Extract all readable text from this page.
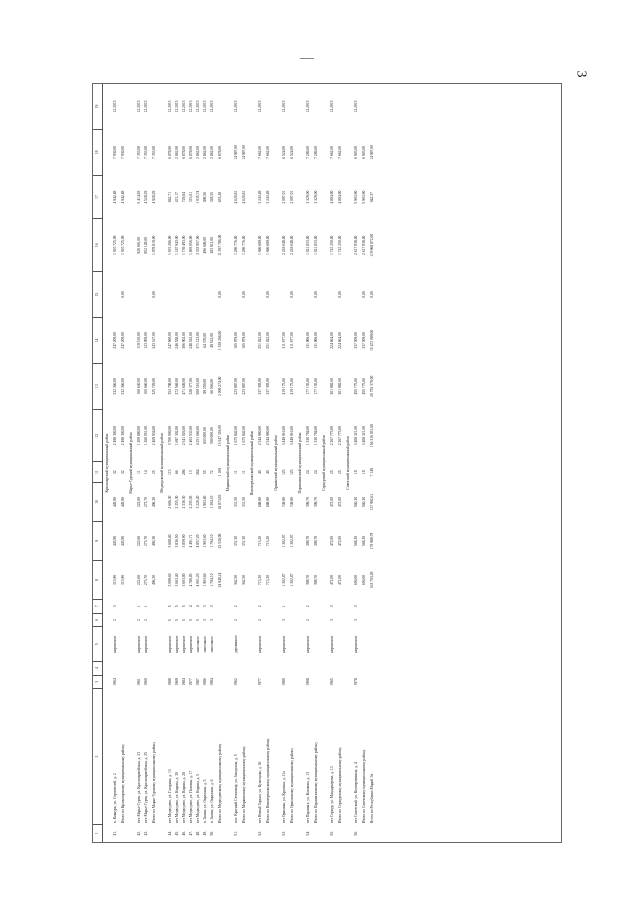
3
1	2	3	4	5	6	7	8	9	10	11	12	13	14	15	16	17	18	19
Красноярский муниципальный район																		
41.	п. Ковкурь, ул. Строителей, д. 2	1964		кирпичное	2	3	315,90	445,90	445,90	32	2 498 300,00	332 366,00	247 209,00		1 910 725,09	4 942,48	7 930,00	12.2015
	Итого по Красноярскому муниципальному району						315,90	445,90	445,90	32	2 498 300,00	332 366,00	247 209,00	0,00	1 910 725,09	4 942,48	7 930,00	
Марье-Турский муниципальный район																		
42.	пгт. Марье-Турек, ул. Красноармейская, д. 23	1961		кирпичное	2	1	222,60	222,60	222,60	11	1 209 880,00	160 630,00	119 510,00		926 691,00	5 414,83	7 353,00	12.2015
43.	пгт. Марье-Турек, ул. Красноармейская, д. 25	1960		кирпичное	2	1	273,70	273,70	273,70	14	1 260 051,00	165 660,00	123 959,00		952 128,00	4 528,29	7 353,00	12.2015
	Итого по Марье-Турскому муниципальному району						496,30	496,30	496,30	25	2 469 934,00	325 729,00	243 167,00	0,00	1 878 819,00	4 928,29	7 353,00	
Медведевский муниципальный район																		
44.	пгт Медведево, ул. Гагарина, д. 13	1988		кирпичное	5	5	3 099,60	3 608,40	2 606,30	115	3 700 000,00	352 798,00	247 600,00		1 915 206,00	842,71	6 878,00	12.2015
45.	пгт Медведево, ул. Кирова, д. 30	1969		кирпичное	5	5	3 063,40	3 836,50	2 255,30	66	1 697 302,00	272 568,00	246 538,00		1 187 943,00	413,17	2 862,00	12.2015
46.	пгт Медведево, ул. Кирова, д. 28	1984		кирпичное	5	5	3 603,80	3 859,90	2 336,30	286	2 541 026,00	471 649,00	306 902,00		1 739 493,00	729,84	6 878,00	12.2015
47.	пгт Медведево, ул. Полевая, д. 17	1977		кирпичное	5	4	4 786,85	4 491,71	2 255,03	13	2 403 533,00	328 377,00	248 182,00		1 803 056,00	315,01	6 878,00	12.2015
48.	пгт Медведево, ул. Кирова, д. 5	1987		панельное	5	4	4 001,20	4 857,20	3 220,20	264	4 251 666,00	509 516,00	371 123,00		3 333 957,00	1 035,74	2 862,00	12.2015
49.	п. Знамя, ул. Овражная, д. 5	1986		панельное	3	3	1 903,60	1 903,60	1 903,60	55	653 000,00	89 259,00	64 378,00		496 049,00	498,56	2 862,00	12.2015
50.	п. Знамя, ул. Овражная, д. 6	1984		панельное	3	3	1 794,10	1 794,10	1 394,10	72	500 000,00	66 566,00	49 522,00		383 912,00	328,55	2 862,00	12.2015
	Итого по Медведевскому муниципальному району						24 940,24	23 530,08	18 873,83	1 169	15 547 318,00	2 009 274,00	1 539 266,00	0,00	11 937 786,00	653,28	6 878,00	
Моркинский муниципальный район																		
51.	пос. Красный Стекловар, ул. Заводская, д. 5	1962		деревянное	2	2	362,50	331,50	331,50	11	1 675 842,00	223 887,00	165 979,00		1 286 776,00	4 620,81	14 997,00	12.2015
	Итого по Моркинскому муниципальному району						362,50	331,50	331,50	11	1 675 842,00	223 887,00	165 979,00	0,00	1 286 776,00	4 620,81	14 997,00	
Новоторъяльский муниципальный район																		
52.	пгт Новый Торъял, ул. Кузнецова, д. 36	1977		кирпичное	2	2	713,20	713,20	688,90	40	2 544 980,00	337 393,00	251 022,00		1 946 689,00	3 243,49	7 662,00	12.2015
	Итого по Новоторъяльскому муниципальному району						713,20	713,20	688,90	40	2 544 980,00	337 393,00	251 022,00	0,00	1 946 689,00	3 243,49	7 662,00	
Оршанский муниципальный район																		
53.	пгт Оршанка, ул. Крупина, д. 21а	1980		кирпичное	3	1	1 302,87	1 302,87	749,90	125	3 449 916,00	419 175,00	311 977,00		2 418 648,00	2 097,01	6 524,00	12.2015
	Итого по Оршанскому муниципальному району						1 302,87	1 302,87	749,90	125	3 449 916,00	419 175,00	311 977,00	0,00	2 418 648,00	2 097,01	6 524,00	
Параньгинский муниципальный район																		
54.	пгт Параньга, ул. Казакова, д. 13	1908		кирпичное	2	2	399,70	399,70	399,70	24	1 330 794,00	177 155,00	131 806,00		1 021 833,00	3 329,00	7 286,00	12.2015
	Итого по Параньгинскому муниципальному району						399,70	399,70	399,70	24	1 330 794,00	177 155,00	131 806,00	0,00	1 021 833,00	3 329,00	7 286,00	
Сернурский муниципальный район																		
55.	пгт Сернур, ул. Мандарьерова, д. 13	1965		кирпичное	3	3	472,00	472,00	472,00	25	2 267 775,00	301 982,00	224 664,00		1 741 250,00	4 804,00	7 662,00	12.2015
	Итого по Сернурскому муниципальному району						472,00	472,00	472,00	25	2 267 775,00	301 982,00	224 664,00	0,00	1 741 250,00	4 804,00	7 662,00	
Советский муниципальный район																		
56.	пгт Советский, ул. Кооперативная, д. 4	1978		кирпичное	3	3	656,00	568,30	560,30	18	3 408 321,00	455 775,00	337 509,00		2 617 838,00	5 903,90	6 903,00	12.2015
	Итого по Советскому муниципальному району						656,00	568,30	560,30	18	3 408 321,00	455 775,00	337 509,00	0,00	2 617 838,00	5 903,90	6 903,00	
	Всего по Республике Марий Эл						163 703,28	179 989,79	137 992,61	7 149	156 316 051,00	20 755 378,00	15 472 089,00	0,00	119 968 872,00	942,37	14 997,00	
